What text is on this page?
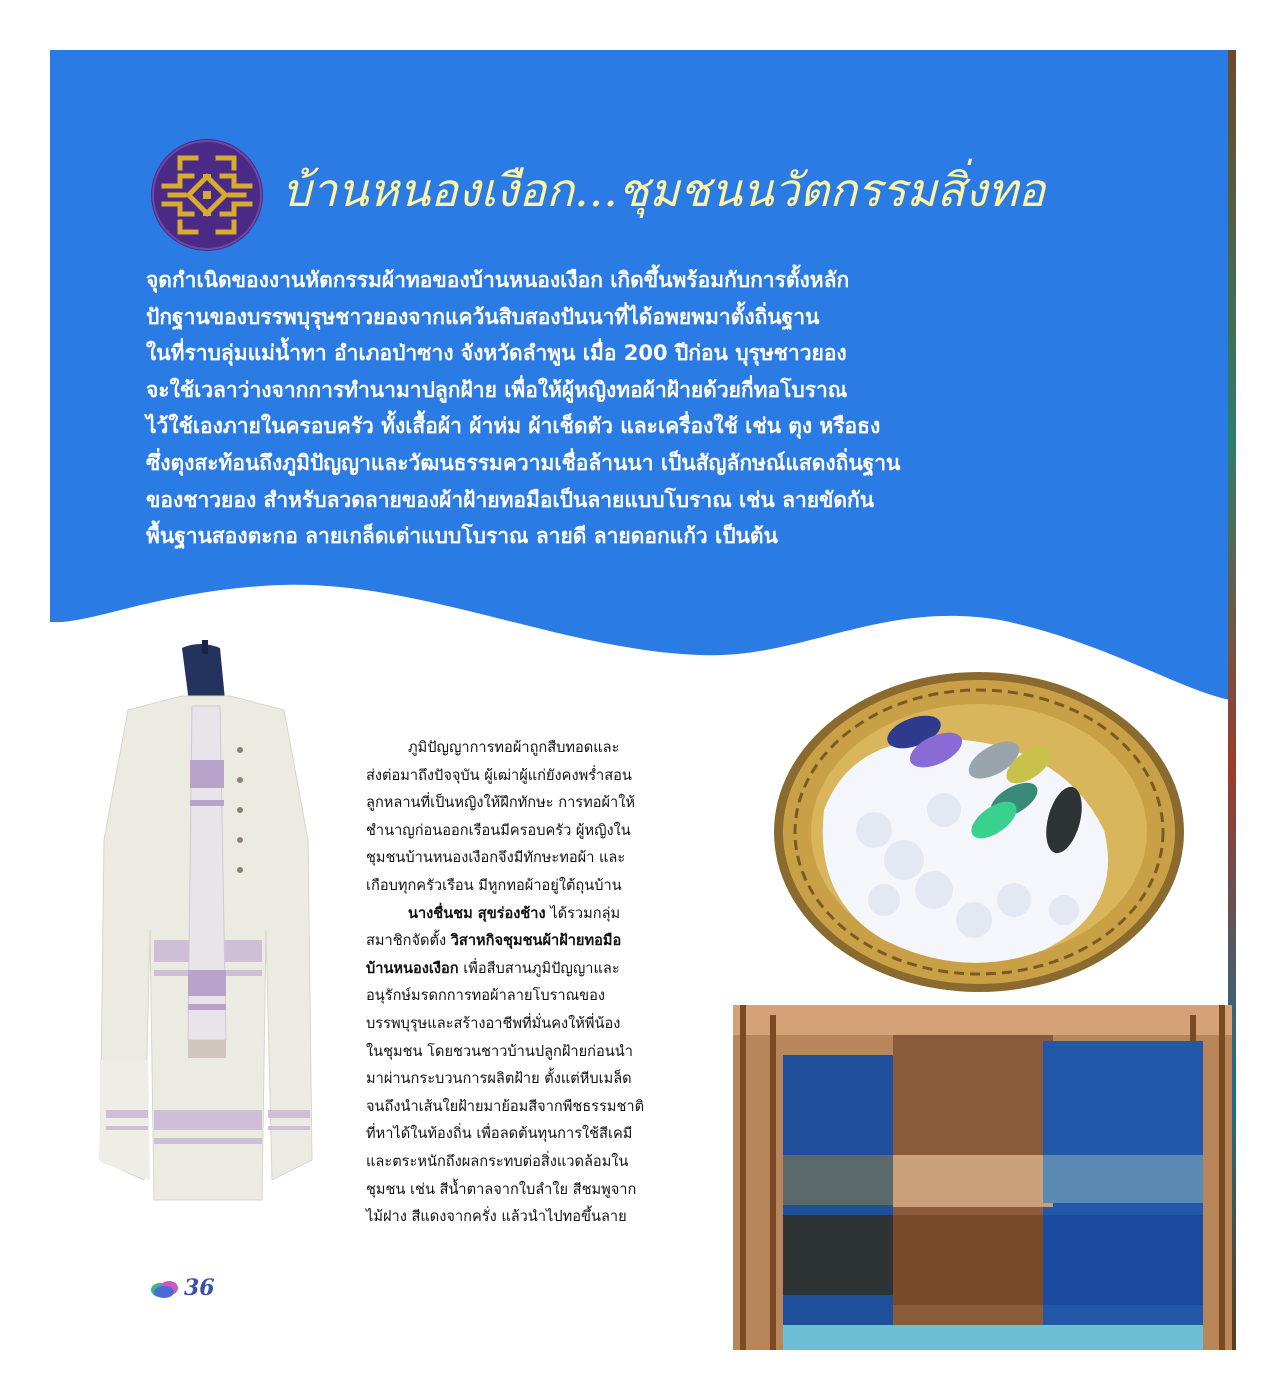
บ้านหนองเงือก...ชุมชนนวัตกรรมสิ่งทอ
จุดกำเนิดของงานหัตกรรมผ้าทอของบ้านหนองเงือก เกิดขึ้นพร้อมกับการตั้งหลัก
ปักฐานของบรรพบุรุษชาวยองจากแคว้นสิบสองปันนาที่ได้อพยพมาตั้งถิ่นฐาน
ในที่ราบลุ่มแม่น้ำทา อำเภอป่าซาง จังหวัดลำพูน เมื่อ 200 ปีก่อน บุรุษชาวยอง
จะใช้เวลาว่างจากการทำนามาปลูกฝ้าย เพื่อให้ผู้หญิงทอผ้าฝ้ายด้วยกี่ทอโบราณ
ไว้ใช้เองภายในครอบครัว ทั้งเสื้อผ้า ผ้าห่ม ผ้าเช็ดตัว และเครื่องใช้ เช่น ตุง หรือธง
ซึ่งตุงสะท้อนถึงภูมิปัญญาและวัฒนธรรมความเชื่อล้านนา เป็นสัญลักษณ์แสดงถิ่นฐาน
ของชาวยอง สำหรับลวดลายของผ้าฝ้ายทอมือเป็นลายแบบโบราณ เช่น ลายขัดกัน
พื้นฐานสองตะกอ ลายเกล็ดเต่าแบบโบราณ ลายดี ลายดอกแก้ว เป็นต้น
ภูมิปัญญาการทอผ้าถูกสืบทอดและ
ส่งต่อมาถึงปัจจุบัน ผู้เฒ่าผู้แก่ยังคงพร่ำสอน
ลูกหลานที่เป็นหญิงให้ฝึกทักษะ การทอผ้าให้
ชำนาญก่อนออกเรือนมีครอบครัว ผู้หญิงใน
ชุมชนบ้านหนองเงือกจึงมีทักษะทอผ้า และ
เกือบทุกครัวเรือน มีหูกทอผ้าอยู่ใต้ถุนบ้าน
นางชื่นชม สุขร่องช้าง ได้รวมกลุ่ม
สมาชิกจัดตั้ง วิสาหกิจชุมชนผ้าฝ้ายทอมือ
บ้านหนองเงือก เพื่อสืบสานภูมิปัญญาและ
อนุรักษ์มรดกการทอผ้าลายโบราณของ
บรรพบุรุษและสร้างอาชีพที่มั่นคงให้พี่น้อง
ในชุมชน โดยชวนชาวบ้านปลูกฝ้ายก่อนนำ
มาผ่านกระบวนการผลิตฝ้าย ตั้งแต่หีบเมล็ด
จนถึงนำเส้นใยฝ้ายมาย้อมสีจากพืชธรรมชาติ
ที่หาได้ในท้องถิ่น เพื่อลดต้นทุนการใช้สีเคมี
และตระหนักถึงผลกระทบต่อสิ่งแวดล้อมใน
ชุมชน เช่น สีน้ำตาลจากใบลำใย สีชมพูจาก
ไม้ฝาง สีแดงจากครั่ง แล้วนำไปทอขึ้นลาย
36
